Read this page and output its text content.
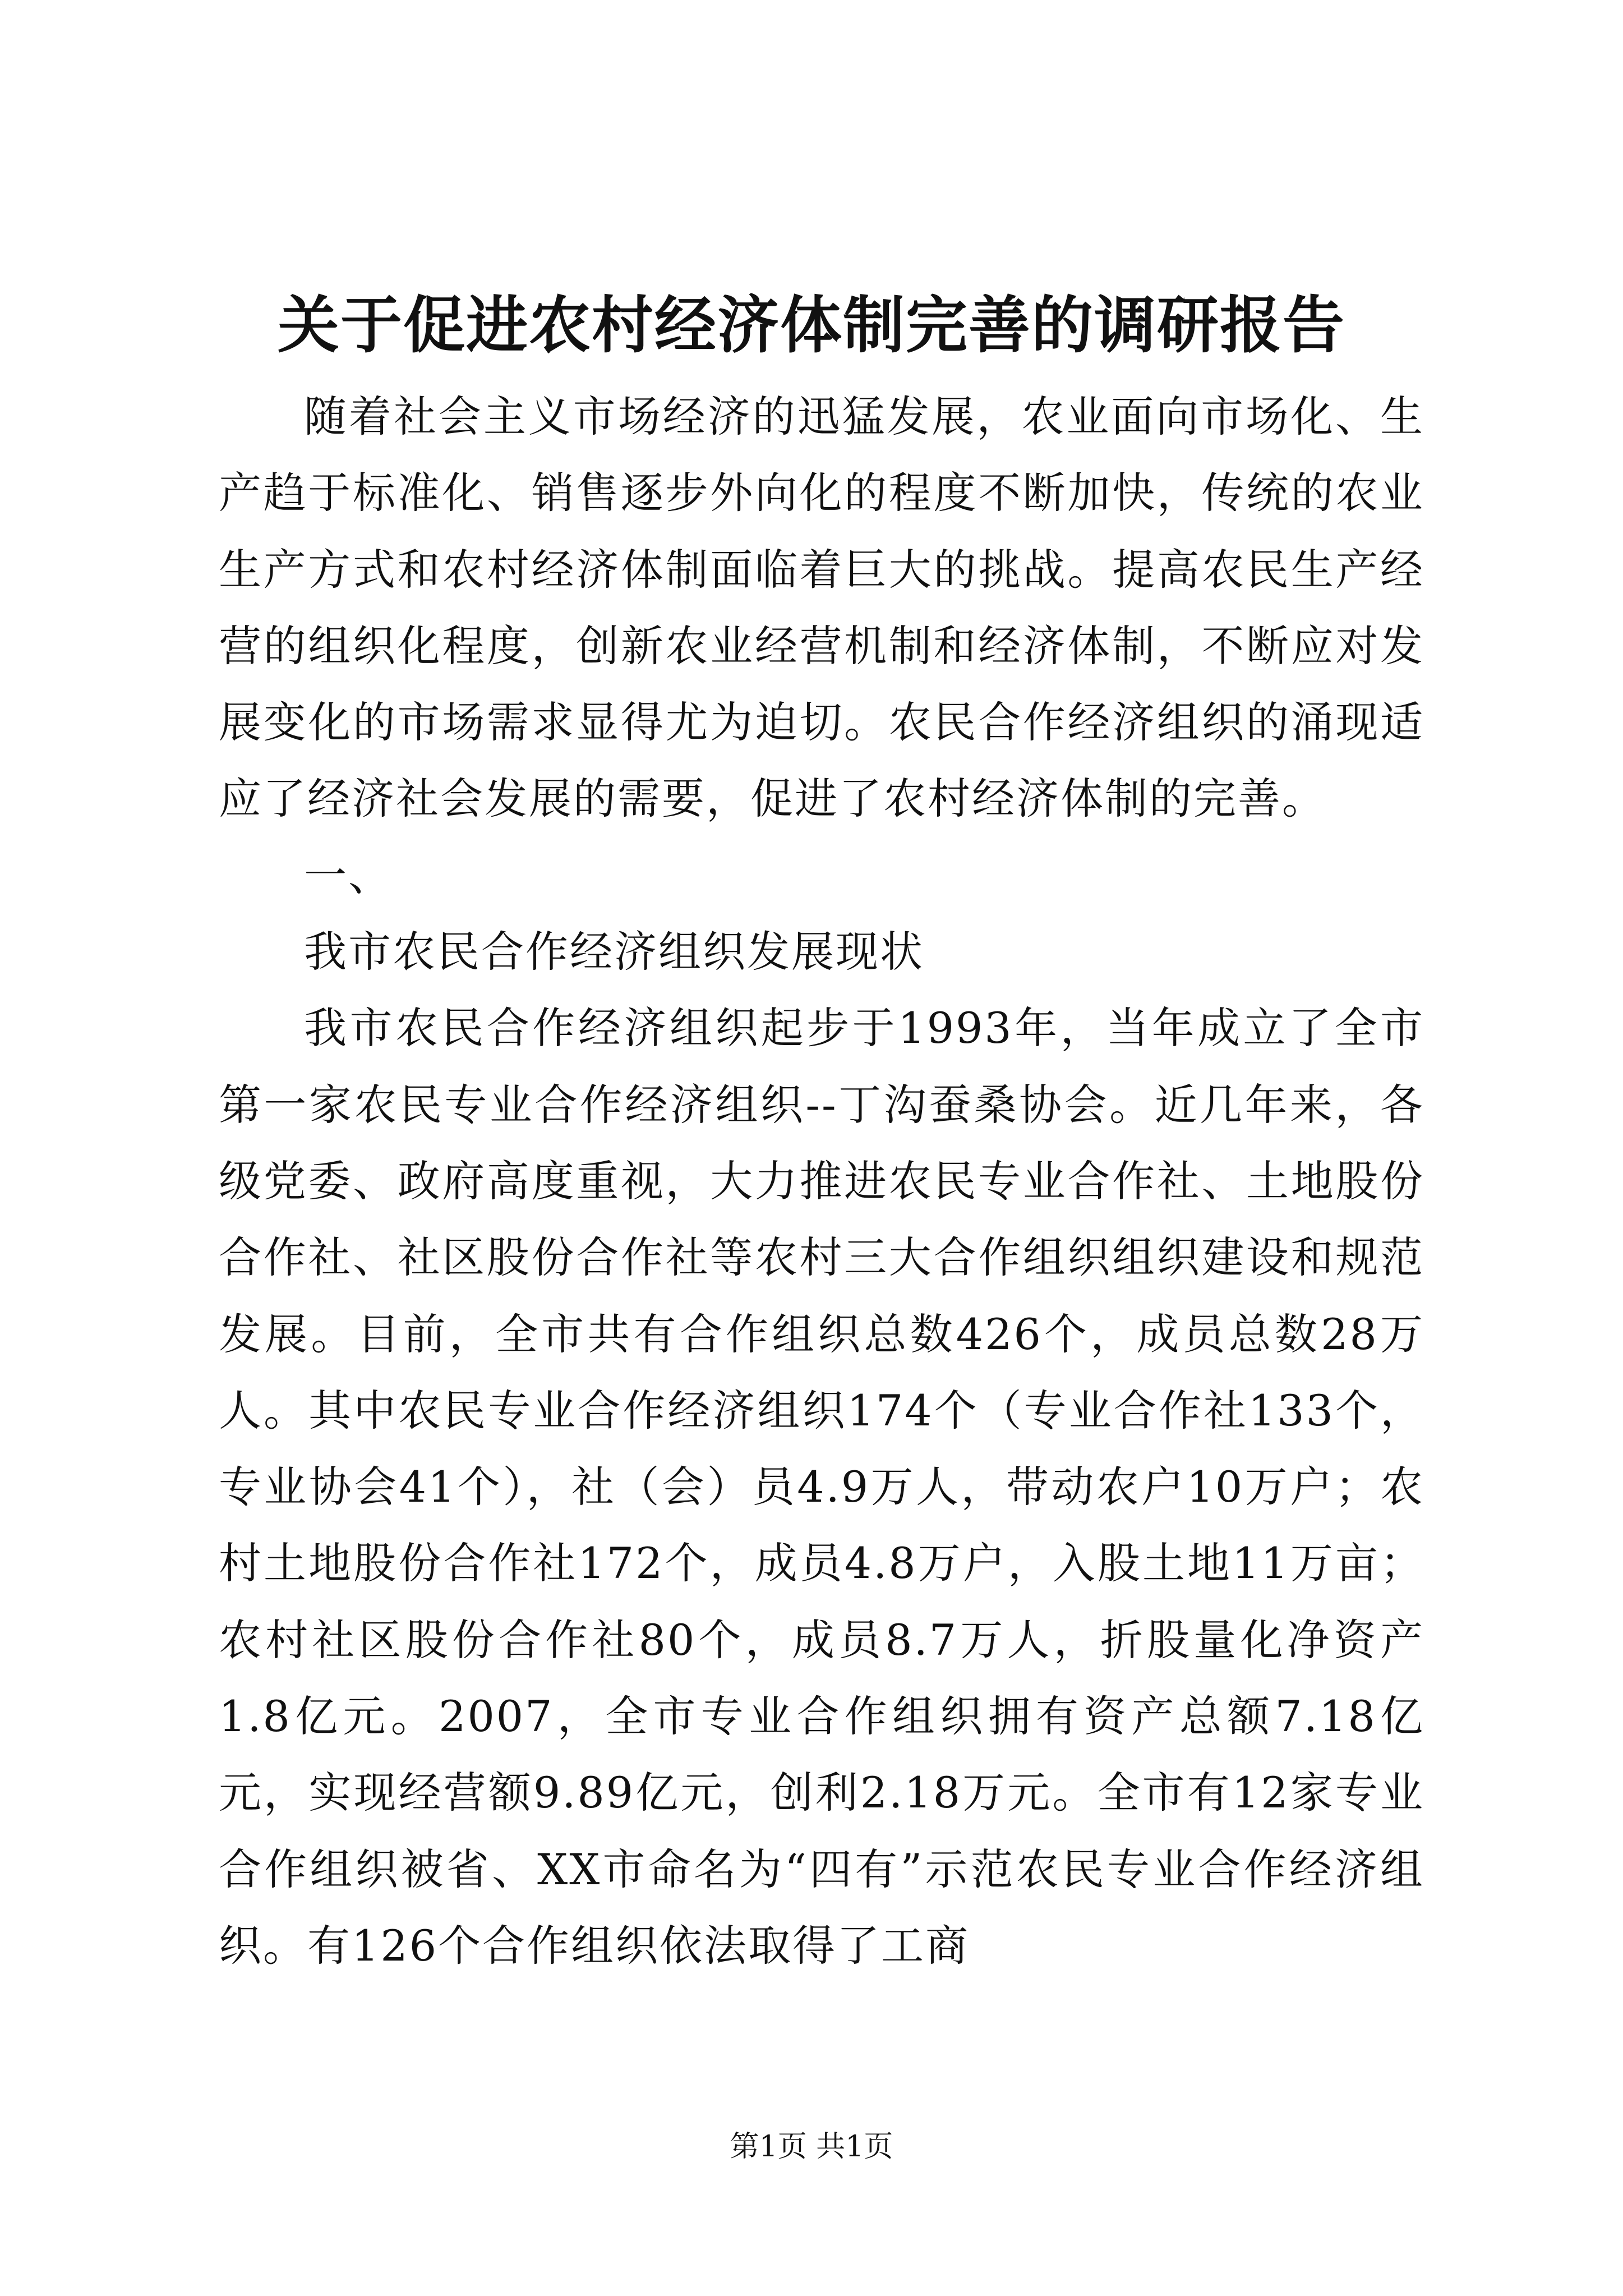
关于促进农村经济体制完善的调研报告

随着社会主义市场经济的迅猛发展，农业面向市场化、生产趋于标准化、销售逐步外向化的程度不断加快，传统的农业生产方式和农村经济体制面临着巨大的挑战。提高农民生产经营的组织化程度，创新农业经营机制和经济体制，不断应对发展变化的市场需求显得尤为迫切。农民合作经济组织的涌现适应了经济社会发展的需要，促进了农村经济体制的完善。

一、

我市农民合作经济组织发展现状

我市农民合作经济组织起步于1993年，当年成立了全市第一家农民专业合作经济组织--丁沟蚕桑协会。近几年来，各级党委、政府高度重视，大力推进农民专业合作社、土地股份合作社、社区股份合作社等农村三大合作组织组织建设和规范发展。目前，全市共有合作组织总数426个，成员总数28万人。其中农民专业合作经济组织174个（专业合作社133个，专业协会41个），社（会）员4.9万人，带动农户10万户；农村土地股份合作社172个，成员4.8万户，入股土地11万亩；农村社区股份合作社80个，成员8.7万人，折股量化净资产1.8亿元。2007，全市专业合作组织拥有资产总额7.18亿元，实现经营额9.89亿元，创利2.18万元。全市有12家专业合作组织被省、XX市命名为“四有”示范农民专业合作经济组织。有126个合作组织依法取得了工商

第1页 共1页
